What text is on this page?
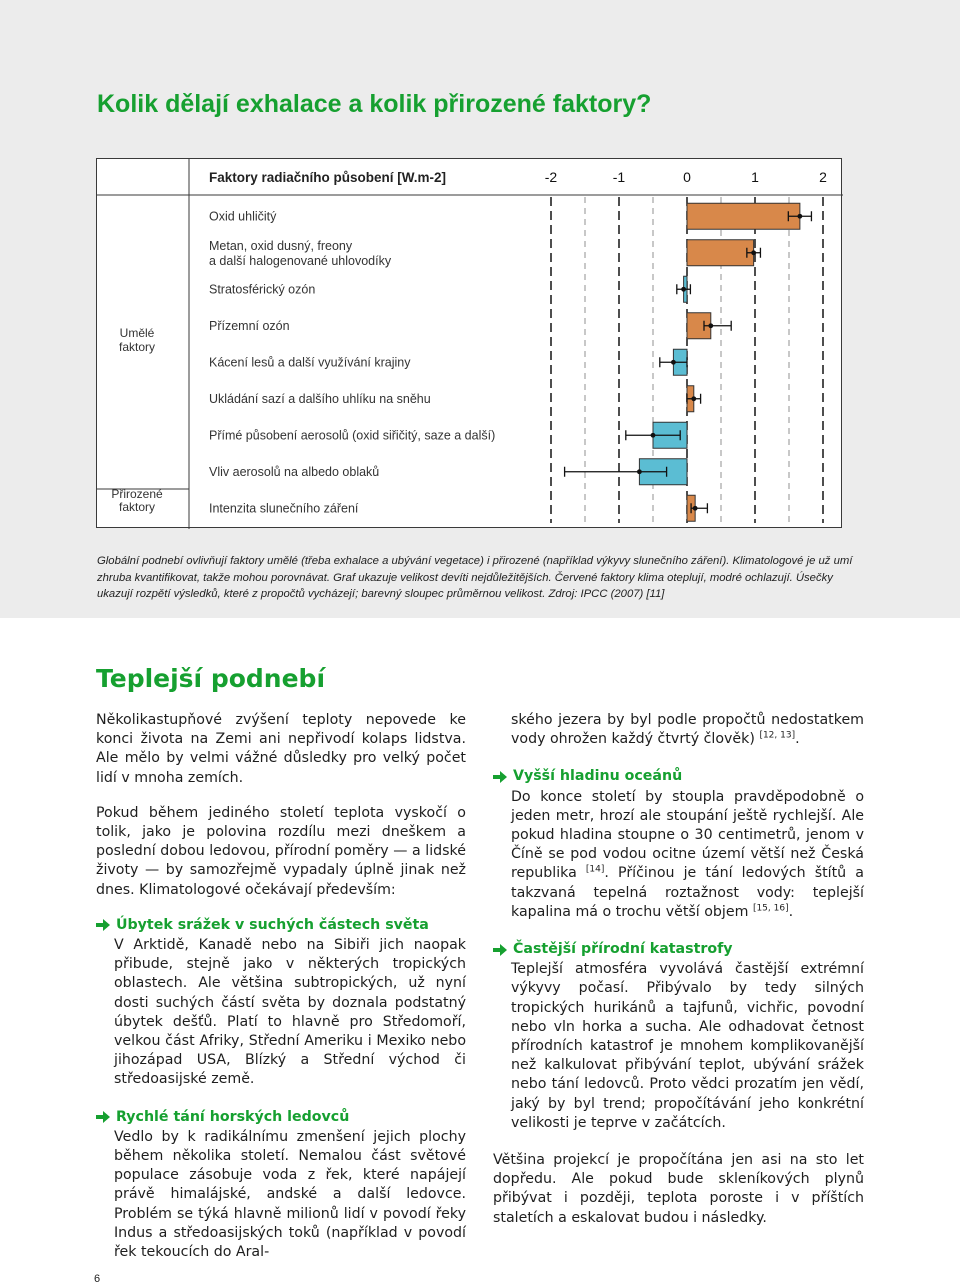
Kolik dělají exhalace a kolik přirozené faktory?
Faktory radiačního působení [W.m-2]
Umělé
faktory
Přirozené
faktory
-2	-1	0	1	2
Oxid uhličitý
Metan, oxid dusný, freony
a další halogenované uhlovodíky
Stratosférický ozón
Přízemní ozón
Kácení lesů a další využívání krajiny
Ukládání sazí a dalšího uhlíku na sněhu
Přímé působení aerosolů (oxid siřičitý, saze a další)
Vliv aerosolů na albedo oblaků
Intenzita slunečního záření

Globální podnebí ovlivňují faktory umělé (třeba exhalace a ubývání vegetace) i přirozené (například výkyvy slunečního záření). Klimatologové je už umí zhruba kvantifikovat, takže mohou porovnávat. Graf ukazuje velikost devíti nejdůležitějších. Červené faktory klima oteplují, modré ochlazují. Úsečky ukazují rozpětí výsledků, které z propočtů vycházejí; barevný sloupec průměrnou velikost. Zdroj: IPCC (2007) [11]

Teplejší podnebí

Několikastupňové zvýšení teploty nepovede ke konci života na Zemi ani nepřivodí kolaps lidstva. Ale mělo by velmi vážné důsledky pro velký počet lidí v mnoha zemích.

Pokud během jediného století teplota vyskočí o tolik, jako je polovina rozdílu mezi dneškem a poslední dobou ledovou, přírodní poměry — a lidské životy — by samozřejmě vypadaly úplně jinak než dnes. Klimatologové očekávají především:

Úbytek srážek v suchých částech světa
V Arktidě, Kanadě nebo na Sibiři jich naopak přibude, stejně jako v některých tropických oblastech. Ale většina subtropických, už nyní dosti suchých částí světa by doznala podstatný úbytek dešťů. Platí to hlavně pro Středomoří, velkou část Afriky, Střední Ameriku i Mexiko nebo jihozápad USA, Blízký a Střední východ či středoasijské země.
Rychlé tání horských ledovců
Vedlo by k radikálnímu zmenšení jejich plochy během několika století. Nemalou část světové populace zásobuje voda z řek, které napájejí právě himalájské, andské a další ledovce. Problém se týká hlavně milionů lidí v povodí řeky Indus a středoasijských toků (například v povodí řek tekoucích do Aral-
ského jezera by byl podle propočtů nedostatkem vody ohrožen každý čtvrtý člověk) [12, 13].
Vyšší hladinu oceánů
Do konce století by stoupla pravděpodobně o jeden metr, hrozí ale stoupání ještě rychlejší. Ale pokud hladina stoupne o 30 centimetrů, jenom v Číně se pod vodou ocitne území větší než Česká republika [14]. Příčinou je tání ledových štítů a takzvaná tepelná roztažnost vody: teplejší kapalina má o trochu větší objem [15, 16].
Častější přírodní katastrofy
Teplejší atmosféra vyvolává častější extrémní výkyvy počasí. Přibývalo by tedy silných tropických hurikánů a tajfunů, vichřic, povodní nebo vln horka a sucha. Ale odhadovat četnost přírodních katastrof je mnohem komplikovanější než kalkulovat přibývání teplot, ubývání srážek nebo tání ledovců. Proto vědci prozatím jen vědí, jaký by byl trend; propočítávání jeho konkrétní velikosti je teprve v začátcích.

Většina projekcí je propočítána jen asi na sto let dopředu. Ale pokud bude skleníkových plynů přibývat i později, teplota poroste i v příštích staletích a eskalovat budou i následky.

6
